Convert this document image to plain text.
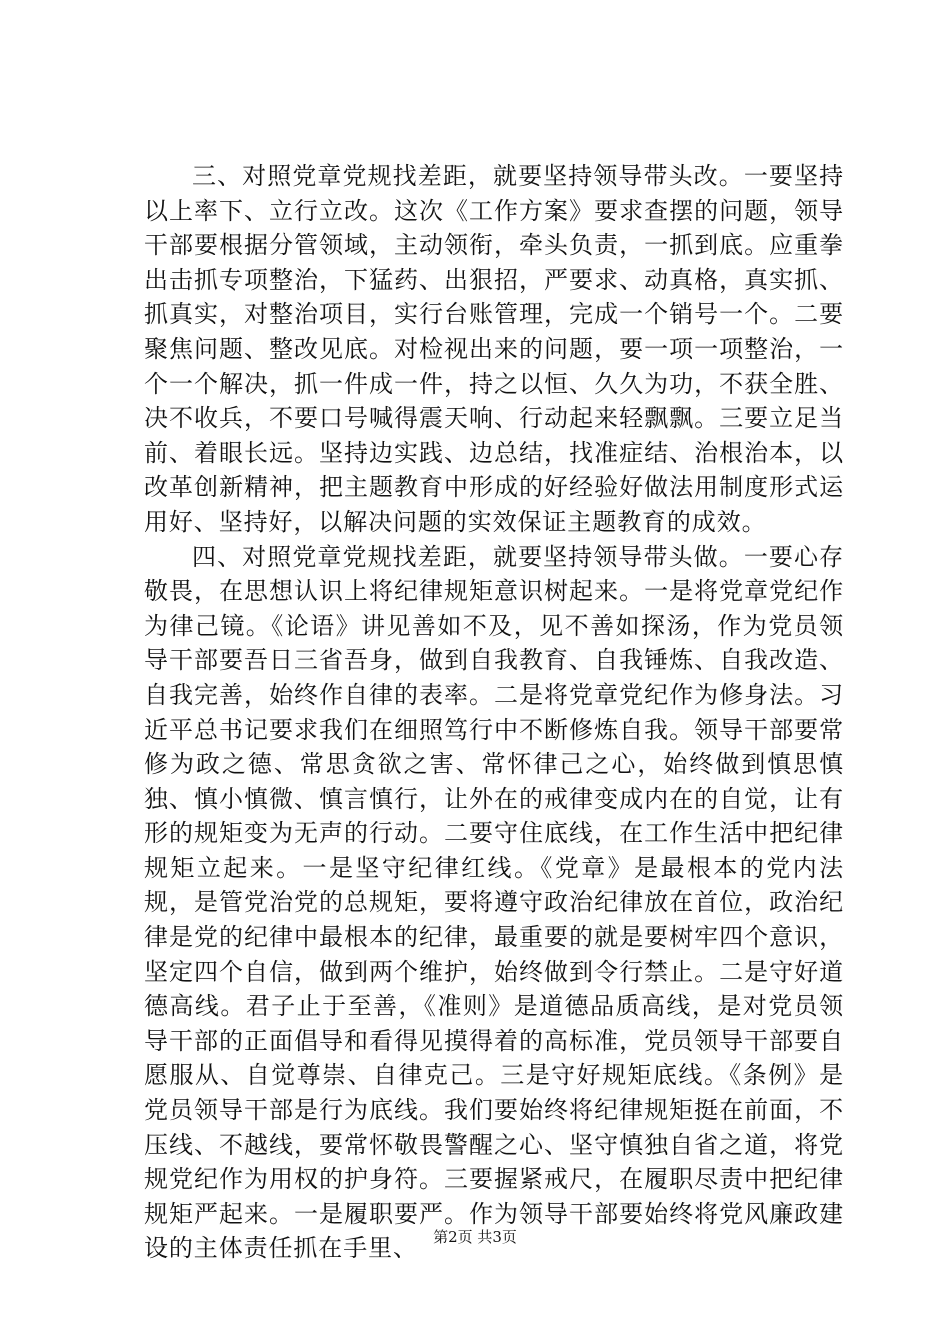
三、对照党章党规找差距，就要坚持领导带头改。一要坚持以上率下、立行立改。这次《工作方案》要求查摆的问题，领导干部要根据分管领域，主动领衔，牵头负责，一抓到底。应重拳出击抓专项整治，下猛药、出狠招，严要求、动真格，真实抓、抓真实，对整治项目，实行台账管理，完成一个销号一个。二要聚焦问题、整改见底。对检视出来的问题，要一项一项整治，一个一个解决，抓一件成一件，持之以恒、久久为功，不获全胜、决不收兵，不要口号喊得震天响、行动起来轻飘飘。三要立足当前、着眼长远。坚持边实践、边总结，找准症结、治根治本，以改革创新精神，把主题教育中形成的好经验好做法用制度形式运用好、坚持好，以解决问题的实效保证主题教育的成效。

四、对照党章党规找差距，就要坚持领导带头做。一要心存敬畏，在思想认识上将纪律规矩意识树起来。一是将党章党纪作为律己镜。《论语》讲见善如不及，见不善如探汤，作为党员领导干部要吾日三省吾身，做到自我教育、自我锤炼、自我改造、自我完善，始终作自律的表率。二是将党章党纪作为修身法。习近平总书记要求我们在细照笃行中不断修炼自我。领导干部要常修为政之德、常思贪欲之害、常怀律己之心，始终做到慎思慎独、慎小慎微、慎言慎行，让外在的戒律变成内在的自觉，让有形的规矩变为无声的行动。二要守住底线，在工作生活中把纪律规矩立起来。一是坚守纪律红线。《党章》是最根本的党内法规，是管党治党的总规矩，要将遵守政治纪律放在首位，政治纪律是党的纪律中最根本的纪律，最重要的就是要树牢四个意识，坚定四个自信，做到两个维护，始终做到令行禁止。二是守好道德高线。君子止于至善，《准则》是道德品质高线，是对党员领导干部的正面倡导和看得见摸得着的高标准，党员领导干部要自愿服从、自觉尊崇、自律克己。三是守好规矩底线。《条例》是党员领导干部是行为底线。我们要始终将纪律规矩挺在前面，不压线、不越线，要常怀敬畏警醒之心、坚守慎独自省之道，将党规党纪作为用权的护身符。三要握紧戒尺，在履职尽责中把纪律规矩严起来。一是履职要严。作为领导干部要始终将党风廉政建设的主体责任抓在手里、	第2页 共3页
